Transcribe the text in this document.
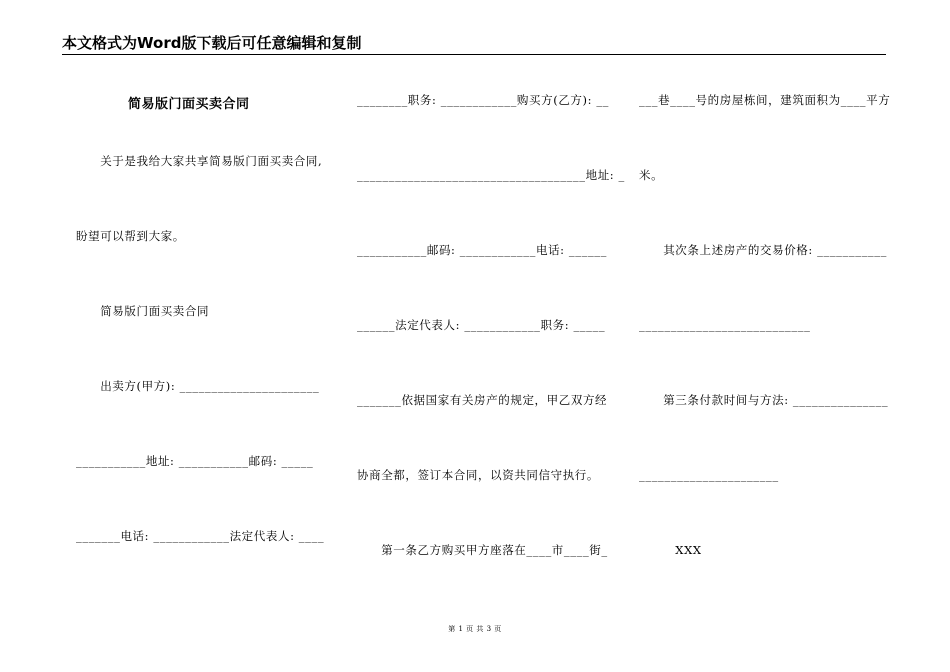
本文格式为Word版下载后可任意编辑和复制
简易版门面买卖合同
　　关于是我给大家共享简易版门面买卖合同,
盼望可以帮到大家。
　　简易版门面买卖合同
　　出卖方(甲方): ______________________
___________地址: ___________邮码: _____
_______电话: ____________法定代表人: ____
________职务: ____________购买方(乙方): __
____________________________________地址: _
___________邮码: ____________电话: ______
______法定代表人: ____________职务: _____
_______依据国家有关房产的规定，甲乙双方经
协商全都，签订本合同，以资共同信守执行。
　　第一条乙方购买甲方座落在____市____街_
___巷____号的房屋栋间，建筑面积为____平方
米。
　　其次条上述房产的交易价格: ___________
___________________________
　　第三条付款时间与方法: _______________
______________________
　　　XXX
第 1 页 共 3 页
